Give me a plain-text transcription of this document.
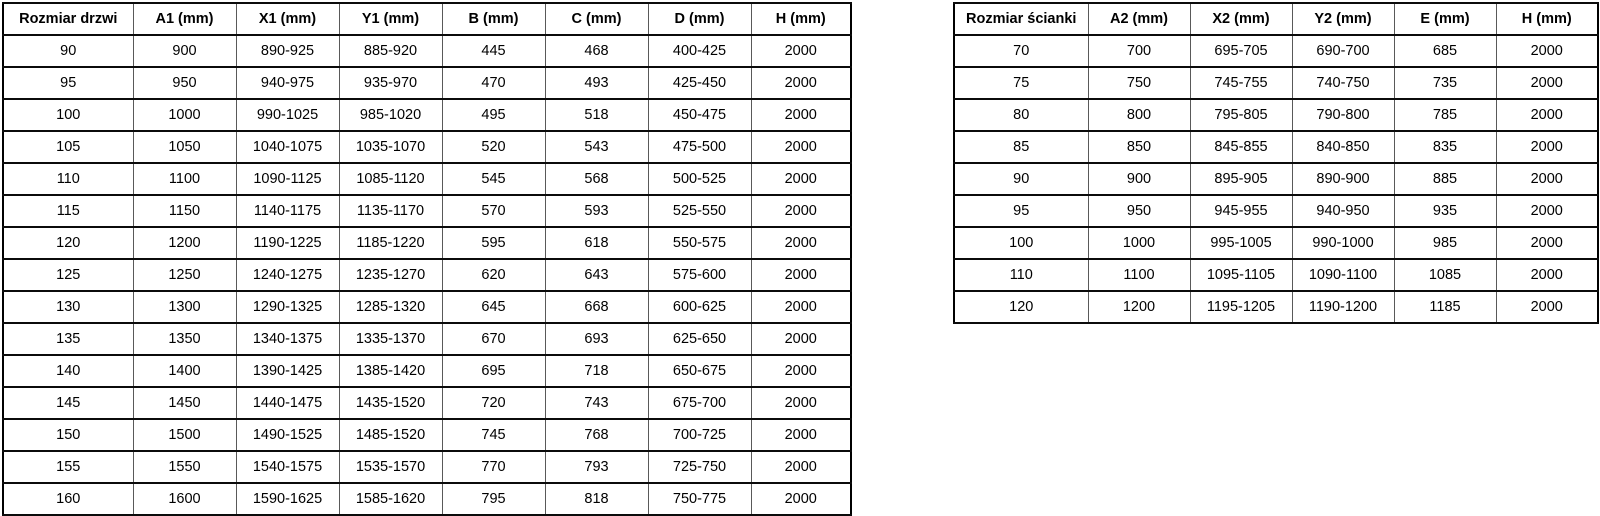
Rozmiar drzwi	A1 (mm)	X1 (mm)	Y1 (mm)	B (mm)	C (mm)	D (mm)	H (mm)
90	900	890-925	885-920	445	468	400-425	2000
95	950	940-975	935-970	470	493	425-450	2000
100	1000	990-1025	985-1020	495	518	450-475	2000
105	1050	1040-1075	1035-1070	520	543	475-500	2000
110	1100	1090-1125	1085-1120	545	568	500-525	2000
115	1150	1140-1175	1135-1170	570	593	525-550	2000
120	1200	1190-1225	1185-1220	595	618	550-575	2000
125	1250	1240-1275	1235-1270	620	643	575-600	2000
130	1300	1290-1325	1285-1320	645	668	600-625	2000
135	1350	1340-1375	1335-1370	670	693	625-650	2000
140	1400	1390-1425	1385-1420	695	718	650-675	2000
145	1450	1440-1475	1435-1520	720	743	675-700	2000
150	1500	1490-1525	1485-1520	745	768	700-725	2000
155	1550	1540-1575	1535-1570	770	793	725-750	2000
160	1600	1590-1625	1585-1620	795	818	750-775	2000
Rozmiar ścianki	A2 (mm)	X2 (mm)	Y2 (mm)	E (mm)	H (mm)
70	700	695-705	690-700	685	2000
75	750	745-755	740-750	735	2000
80	800	795-805	790-800	785	2000
85	850	845-855	840-850	835	2000
90	900	895-905	890-900	885	2000
95	950	945-955	940-950	935	2000
100	1000	995-1005	990-1000	985	2000
110	1100	1095-1105	1090-1100	1085	2000
120	1200	1195-1205	1190-1200	1185	2000
